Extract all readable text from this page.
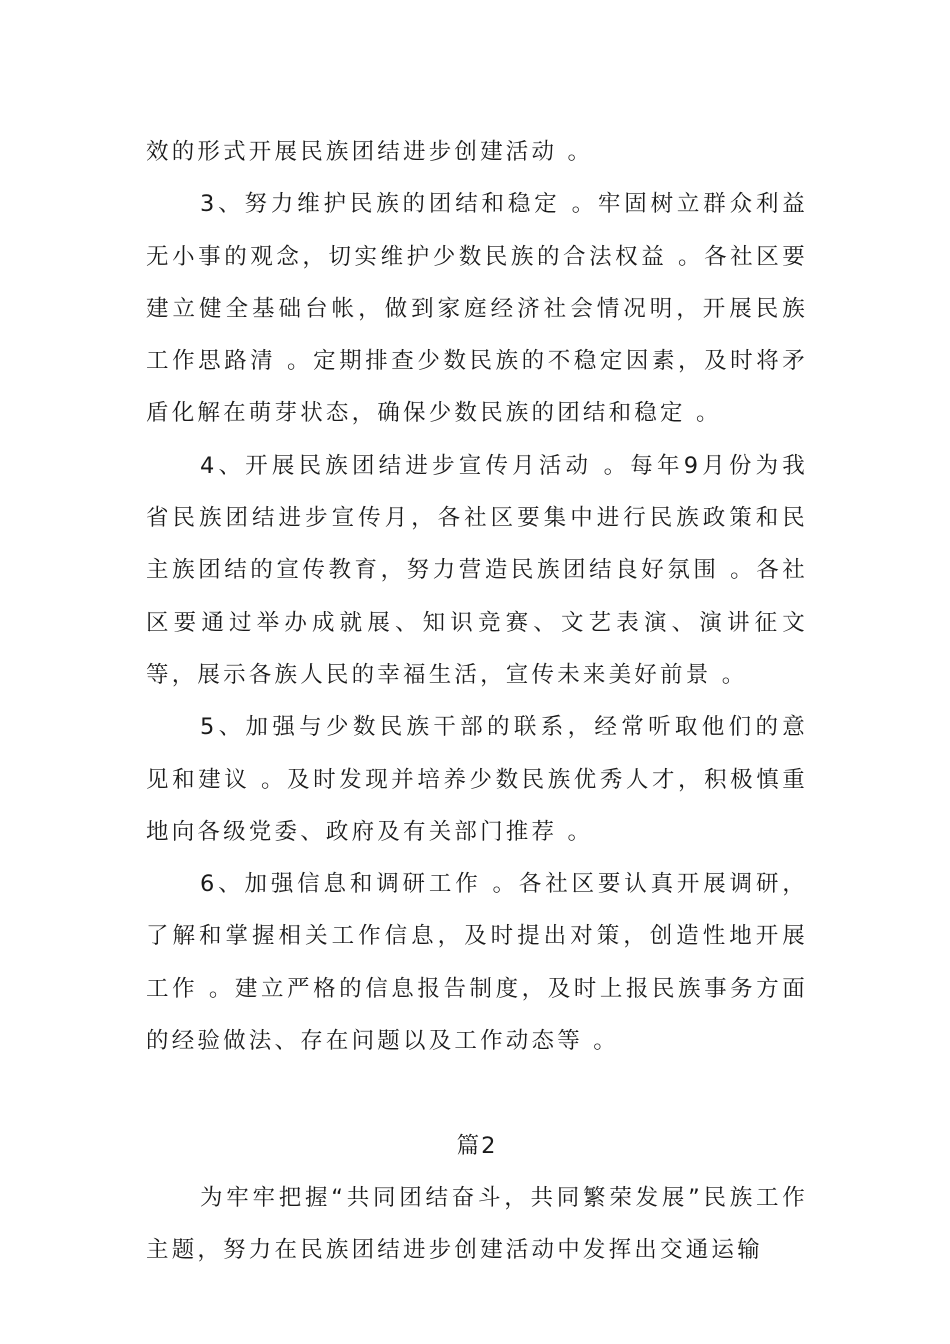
效的形式开展民族团结进步创建活动 。

3、努力维护民族的团结和稳定 。牢固树立群众利益无小事的观念，切实维护少数民族的合法权益 。各社区要建立健全基础台帐，做到家庭经济社会情况明，开展民族工作思路清 。定期排查少数民族的不稳定因素，及时将矛盾化解在萌芽状态，确保少数民族的团结和稳定 。

4、开展民族团结进步宣传月活动 。每年9月份为我省民族团结进步宣传月，各社区要集中进行民族政策和民主族团结的宣传教育，努力营造民族团结良好氛围 。各社区要通过举办成就展、知识竞赛、文艺表演、演讲征文等，展示各族人民的幸福生活，宣传未来美好前景 。

5、加强与少数民族干部的联系，经常听取他们的意见和建议 。及时发现并培养少数民族优秀人才，积极慎重地向各级党委、政府及有关部门推荐 。

6、加强信息和调研工作 。各社区要认真开展调研，了解和掌握相关工作信息，及时提出对策，创造性地开展工作 。建立严格的信息报告制度，及时上报民族事务方面的经验做法、存在问题以及工作动态等 。

篇2

为牢牢把握“共同团结奋斗，共同繁荣发展”民族工作主题，努力在民族团结进步创建活动中发挥出交通运输
